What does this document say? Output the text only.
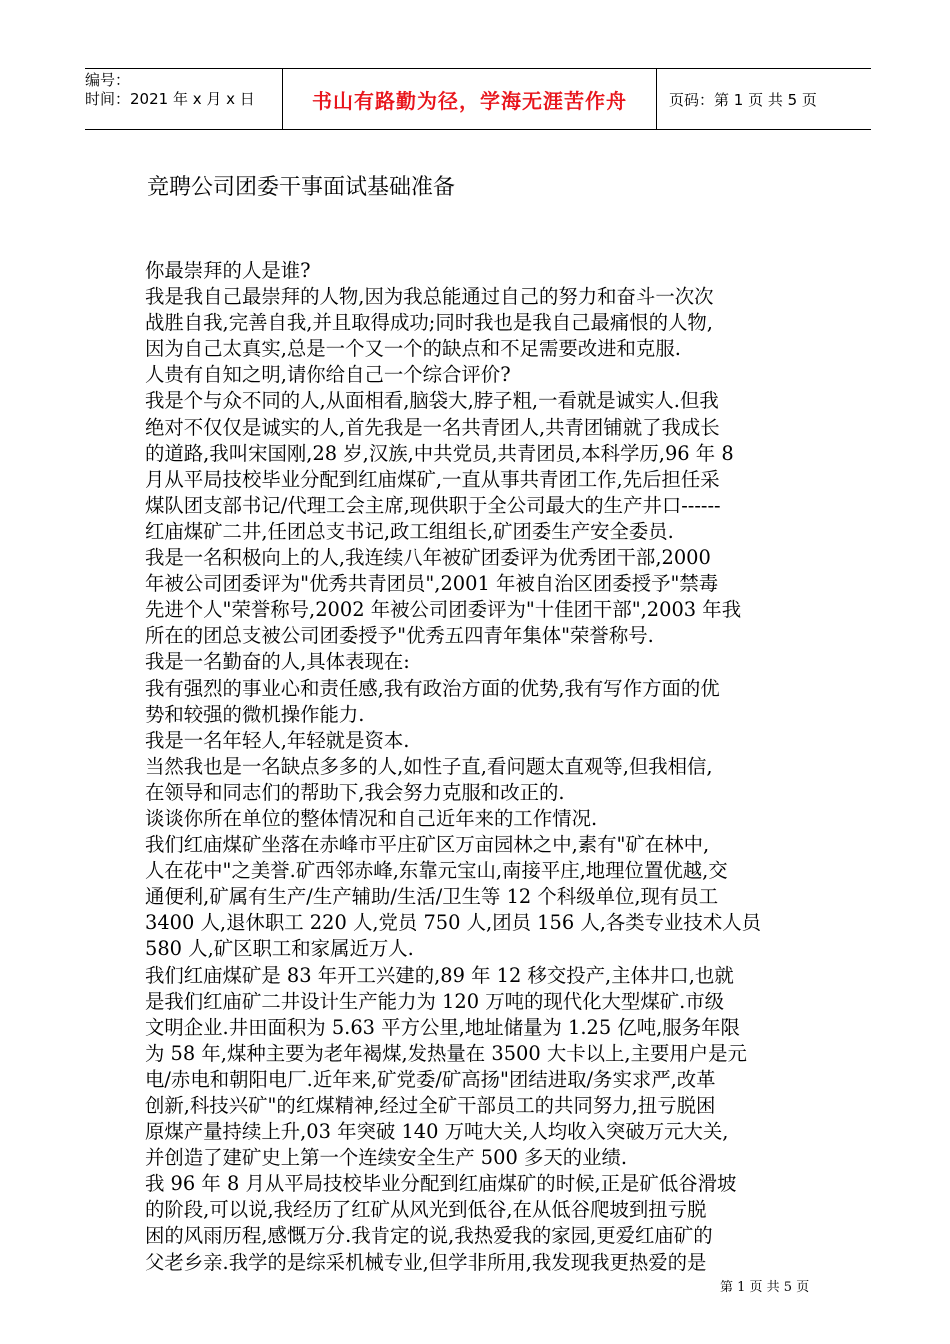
编号：
时间：2021 年 x 月 x 日	书山有路勤为径，学海无涯苦作舟	页码：第 1 页 共 5 页
竞聘公司团委干事面试基础准备

你最崇拜的人是谁?

我是我自己最崇拜的人物,因为我总能通过自己的努力和奋斗一次次

战胜自我,完善自我,并且取得成功;同时我也是我自己最痛恨的人物,

因为自己太真实,总是一个又一个的缺点和不足需要改进和克服.

人贵有自知之明,请你给自己一个综合评价?

我是个与众不同的人,从面相看,脑袋大,脖子粗,一看就是诚实人.但我

绝对不仅仅是诚实的人,首先我是一名共青团人,共青团铺就了我成长

的道路,我叫宋国刚,28 岁,汉族,中共党员,共青团员,本科学历,96 年 8

月从平局技校毕业分配到红庙煤矿,一直从事共青团工作,先后担任采

煤队团支部书记/代理工会主席,现供职于全公司最大的生产井口------

红庙煤矿二井,任团总支书记,政工组组长,矿团委生产安全委员.

我是一名积极向上的人,我连续八年被矿团委评为优秀团干部,2000

年被公司团委评为"优秀共青团员",2001 年被自治区团委授予"禁毒

先进个人"荣誉称号,2002 年被公司团委评为"十佳团干部",2003 年我

所在的团总支被公司团委授予"优秀五四青年集体"荣誉称号.

我是一名勤奋的人,具体表现在:

我有强烈的事业心和责任感,我有政治方面的优势,我有写作方面的优

势和较强的微机操作能力.

我是一名年轻人,年轻就是资本.

当然我也是一名缺点多多的人,如性子直,看问题太直观等,但我相信,

在领导和同志们的帮助下,我会努力克服和改正的.

谈谈你所在单位的整体情况和自己近年来的工作情况.

我们红庙煤矿坐落在赤峰市平庄矿区万亩园林之中,素有"矿在林中,

人在花中"之美誉.矿西邻赤峰,东靠元宝山,南接平庄,地理位置优越,交

通便利,矿属有生产/生产辅助/生活/卫生等 12 个科级单位,现有员工

3400 人,退休职工 220 人,党员 750 人,团员 156 人,各类专业技术人员

580 人,矿区职工和家属近万人.

我们红庙煤矿是 83 年开工兴建的,89 年 12 移交投产,主体井口,也就

是我们红庙矿二井设计生产能力为 120 万吨的现代化大型煤矿.市级

文明企业.井田面积为 5.63 平方公里,地址储量为 1.25 亿吨,服务年限

为 58 年,煤种主要为老年褐煤,发热量在 3500 大卡以上,主要用户是元

电/赤电和朝阳电厂.近年来,矿党委/矿高扬"团结进取/务实求严,改革

创新,科技兴矿"的红煤精神,经过全矿干部员工的共同努力,扭亏脱困

原煤产量持续上升,03 年突破 140 万吨大关,人均收入突破万元大关,

并创造了建矿史上第一个连续安全生产 500 多天的业绩.

我 96 年 8 月从平局技校毕业分配到红庙煤矿的时候,正是矿低谷滑坡

的阶段,可以说,我经历了红矿从风光到低谷,在从低谷爬坡到扭亏脱

困的风雨历程,感慨万分.我肯定的说,我热爱我的家园,更爱红庙矿的

父老乡亲.我学的是综采机械专业,但学非所用,我发现我更热爱的是

第 1 页 共 5 页
